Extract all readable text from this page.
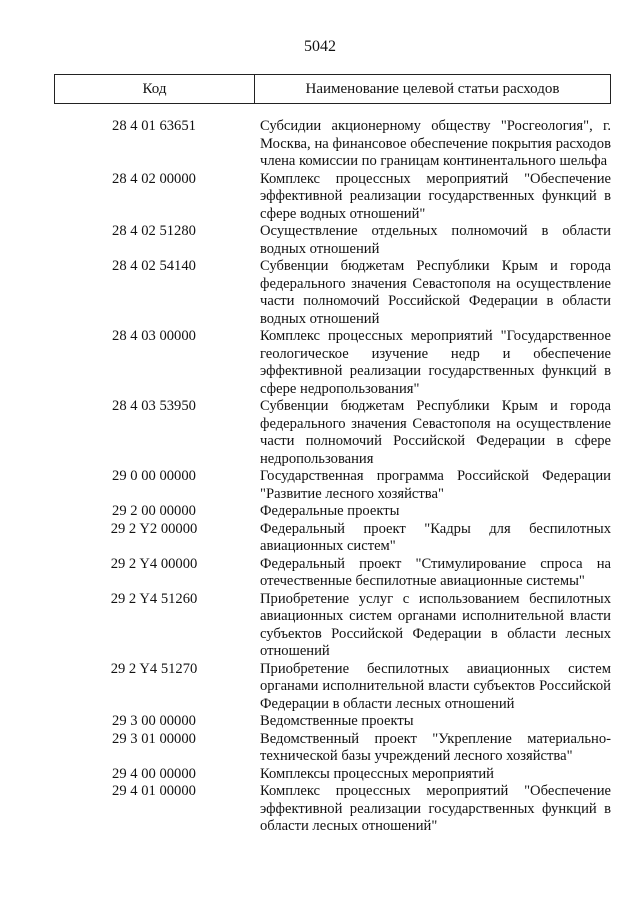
5042
Код	Наименование целевой статьи расходов
28 4 01 63651	Субсидии акционерному обществу "Росгеология", г. Москва, на финансовое обеспечение покрытия расходов члена комиссии по границам континентального шельфа
28 4 02 00000	Комплекс процессных мероприятий "Обеспечение эффективной реализации государственных функций в сфере водных отношений"
28 4 02 51280	Осуществление отдельных полномочий в области водных отношений
28 4 02 54140	Субвенции бюджетам Республики Крым и города федерального значения Севастополя на осуществление части полномочий Российской Федерации в области водных отношений
28 4 03 00000	Комплекс процессных мероприятий "Государственное геологическое изучение недр и обеспечение эффективной реализации государственных функций в сфере недропользования"
28 4 03 53950	Субвенции бюджетам Республики Крым и города федерального значения Севастополя на осуществление части полномочий Российской Федерации в сфере недропользования
29 0 00 00000	Государственная программа Российской Федерации "Развитие лесного хозяйства"
29 2 00 00000	Федеральные проекты
29 2 Y2 00000	Федеральный проект "Кадры для беспилотных авиационных систем"
29 2 Y4 00000	Федеральный проект "Стимулирование спроса на отечественные беспилотные авиационные системы"
29 2 Y4 51260	Приобретение услуг с использованием беспилотных авиационных систем органами исполнительной власти субъектов Российской Федерации в области лесных отношений
29 2 Y4 51270	Приобретение беспилотных авиационных систем органами исполнительной власти субъектов Российской Федерации в области лесных отношений
29 3 00 00000	Ведомственные проекты
29 3 01 00000	Ведомственный проект "Укрепление материально-технической базы учреждений лесного хозяйства"
29 4 00 00000	Комплексы процессных мероприятий
29 4 01 00000	Комплекс процессных мероприятий "Обеспечение эффективной реализации государственных функций в области лесных отношений"
